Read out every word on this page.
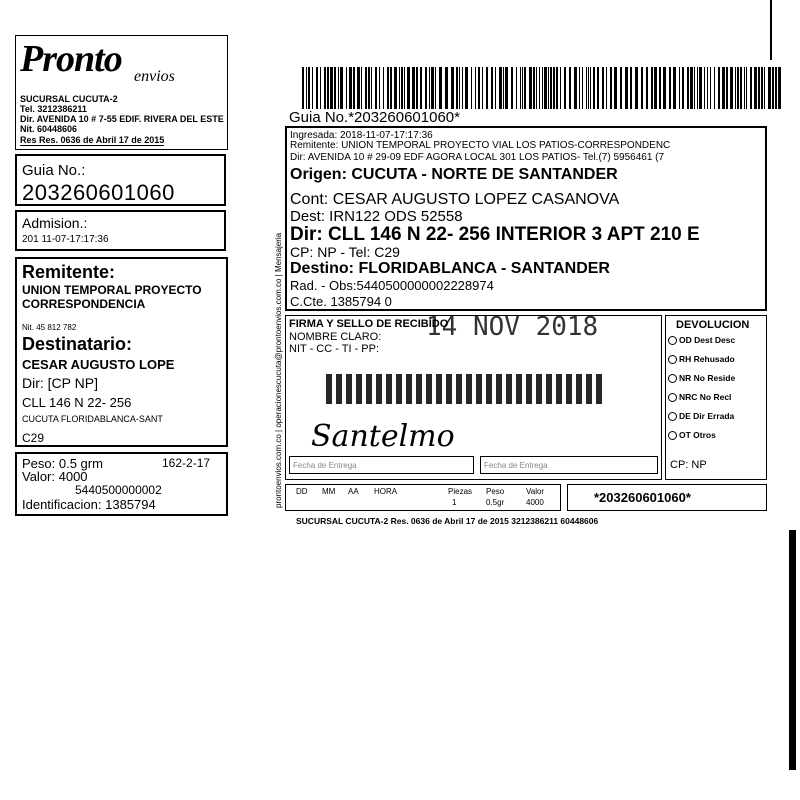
Pronto envios
SUCURSAL CUCUTA-2
Tel. 3212386211
Dir. AVENIDA 10 # 7-55 EDIF. RIVERA DEL ESTE
Nit. 60448606
Res Res. 0636 de Abril 17 de 2015
Guia No.:
203260601060
Admision.:
201 11-07-17:17:36
Remitente:
UNION TEMPORAL PROYECTO
CORRESPONDENCIA
Nit. 45 812 782
Destinatario:
CESAR AUGUSTO LOPE
Dir: [CP NP]
CLL 146 N 22- 256
CUCUTA FLORIDABLANCA-SANT
C29
Peso: 0.5 grm	162-2-17
Valor: 4000
5440500000002
Identificacion: 1385794	prontoenvios.com.co | operacionescucuta@prontoenvios.com.co | Mensajeria
Guia No.*203260601060*
Ingresada: 2018-11-07-17:17:36
Remitente: UNION TEMPORAL PROYECTO VIAL LOS PATIOS-CORRESPONDENC
Dir: AVENIDA 10 # 29-09 EDF AGORA LOCAL 301 LOS PATIOS- Tel.(7) 5956461 (7
Origen: CUCUTA - NORTE DE SANTANDER
Cont: CESAR AUGUSTO LOPEZ CASANOVA
Dest: IRN122 ODS 52558
Dir: CLL 146 N 22- 256 INTERIOR 3 APT 210 E
CP: NP - Tel: C29
Destino: FLORIDABLANCA - SANTANDER
Rad. - Obs:5440500000002228974
C.Cte. 1385794 0
FIRMA Y SELLO DE RECIBIDO
NOMBRE CLARO:
NIT - CC - TI - PP:
14 NOV 2018
Santelmo
Fecha de Entrega	Fecha de Entrega
DEVOLUCION
OD Dest Desc
RH Rehusado
NR No Reside
NRC No Recl
DE Dir Errada
OT Otros
CP: NP
DD MM AA HORA	Piezas Peso	Valor
1	0.5gr	4000	*203260601060*
SUCURSAL CUCUTA-2 Res. 0636 de Abril 17 de 2015 3212386211 60448606
